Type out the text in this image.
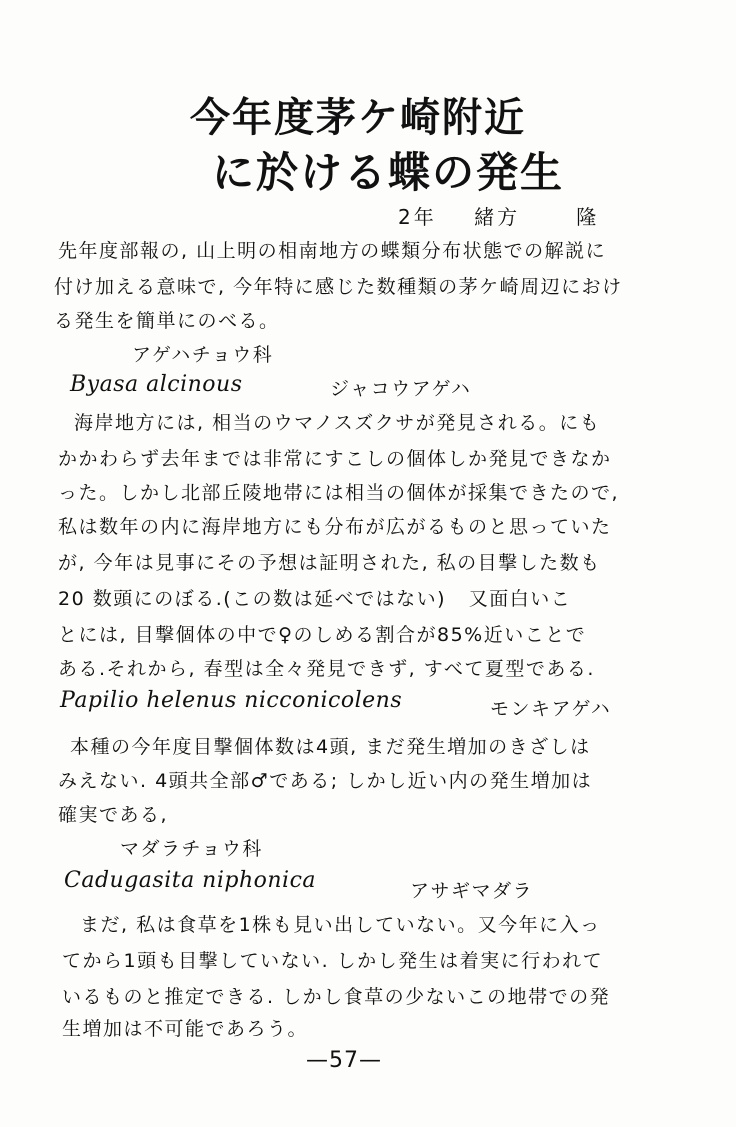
今年度茅ケ崎附近
に於ける蝶の発生
2年    緒方      隆
先年度部報の, 山上明の相南地方の蝶類分布状態での解説に
付け加える意味で, 今年特に感じた数種類の茅ケ崎周辺におけ
る発生を簡単にのべる。
アゲハチョウ科
Byasa alcinous	ジャコウアゲハ
海岸地方には, 相当のウマノスズクサが発見される。にも
かかわらず去年までは非常にすこしの個体しか発見できなか
った。しかし北部丘陵地帯には相当の個体が採集できたので,
私は数年の内に海岸地方にも分布が広がるものと思っていた
が, 今年は見事にその予想は証明された, 私の目撃した数も
20 数頭にのぼる.(この数は延べではない)   又面白いこ
とには, 目撃個体の中で♀のしめる割合が85%近いことで
ある.それから, 春型は全々発見できず, すべて夏型である.
Papilio helenus nicconicolens	モンキアゲハ
本種の今年度目撃個体数は4頭, まだ発生増加のきざしは
みえない. 4頭共全部♂である; しかし近い内の発生増加は
確実である,
マダラチョウ科
Cadugasita niphonica	アサギマダラ
まだ, 私は食草を1株も見い出していない。又今年に入っ
てから1頭も目撃していない. しかし発生は着実に行われて
いるものと推定できる. しかし食草の少ないこの地帯での発
生増加は不可能であろう。
—57—
